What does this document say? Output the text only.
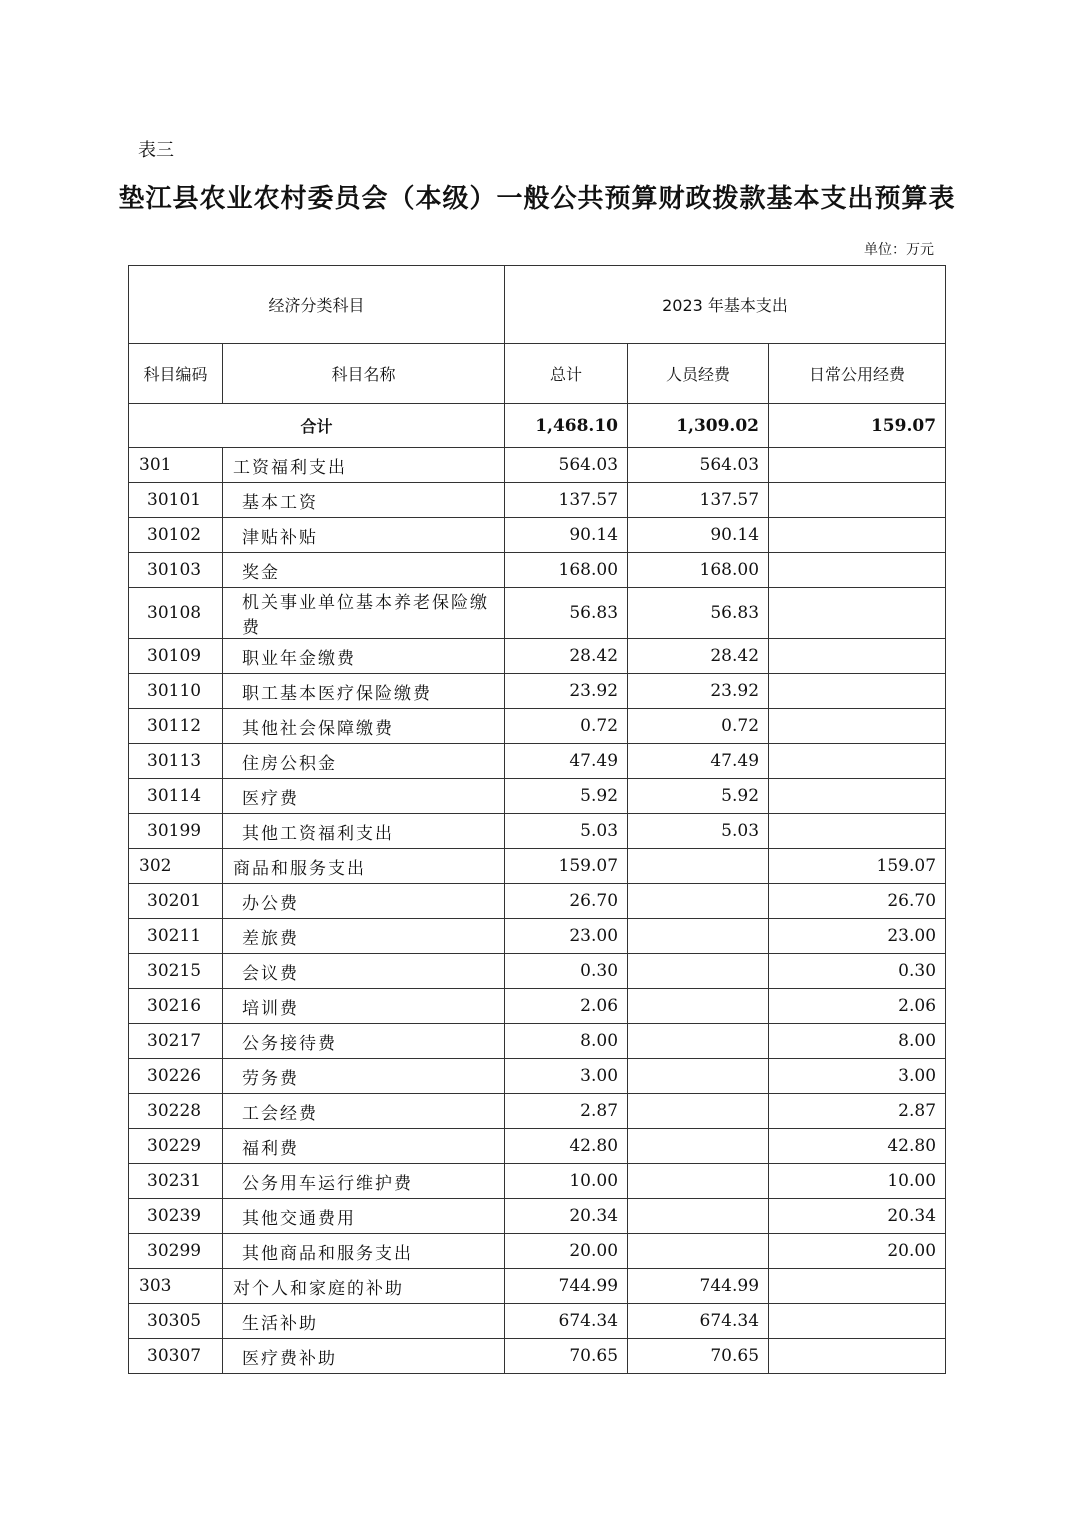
表三
垫江县农业农村委员会（本级）一般公共预算财政拨款基本支出预算表
单位：万元
经济分类科目		2023 年基本支出		
科目编码	科目名称	总计	人员经费	日常公用经费
合计		1,468.10	1,309.02	159.07
301	工资福利支出	564.03	564.03	
30101	基本工资	137.57	137.57	
30102	津贴补贴	90.14	90.14	
30103	奖金	168.00	168.00	
30108	机关事业单位基本养老保险缴费	56.83	56.83	
30109	职业年金缴费	28.42	28.42	
30110	职工基本医疗保险缴费	23.92	23.92	
30112	其他社会保障缴费	0.72	0.72	
30113	住房公积金	47.49	47.49	
30114	医疗费	5.92	5.92	
30199	其他工资福利支出	5.03	5.03	
302	商品和服务支出	159.07		159.07
30201	办公费	26.70		26.70
30211	差旅费	23.00		23.00
30215	会议费	0.30		0.30
30216	培训费	2.06		2.06
30217	公务接待费	8.00		8.00
30226	劳务费	3.00		3.00
30228	工会经费	2.87		2.87
30229	福利费	42.80		42.80
30231	公务用车运行维护费	10.00		10.00
30239	其他交通费用	20.34		20.34
30299	其他商品和服务支出	20.00		20.00
303	对个人和家庭的补助	744.99	744.99	
30305	生活补助	674.34	674.34	
30307	医疗费补助	70.65	70.65	
